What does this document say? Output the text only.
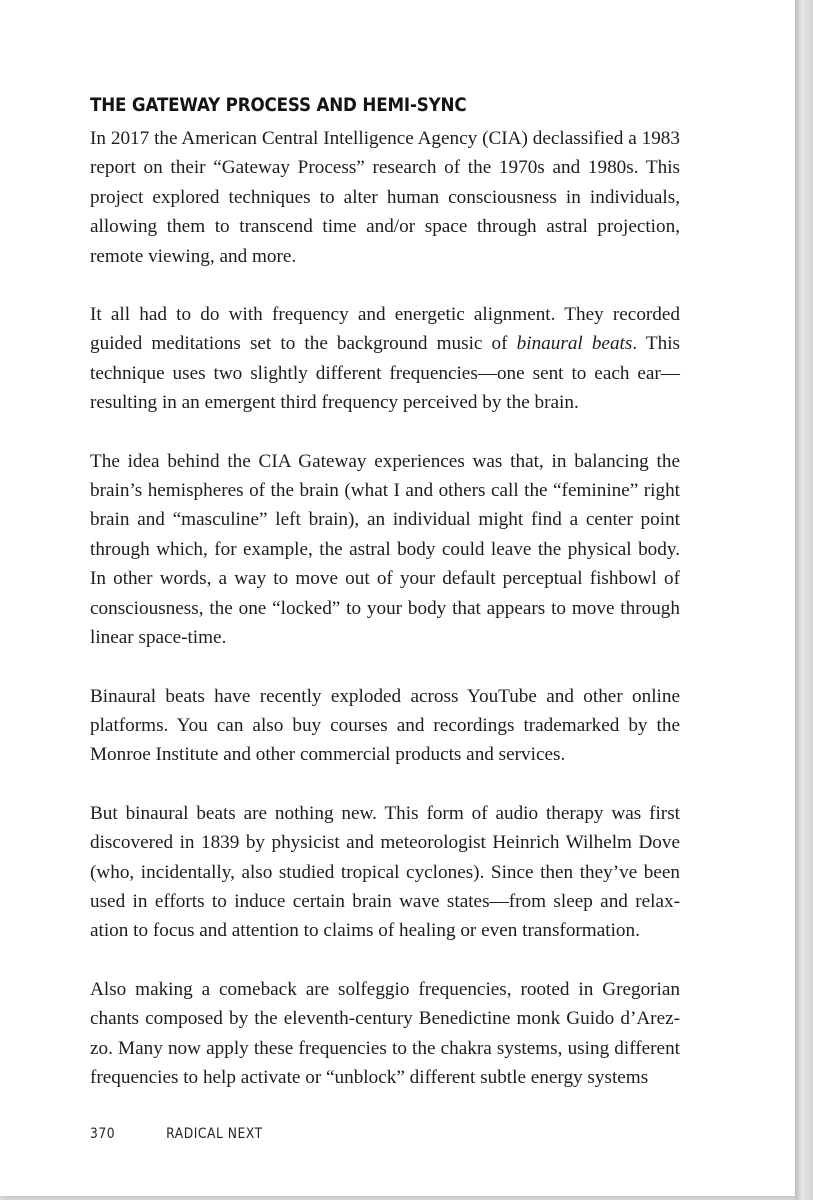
THE GATEWAY PROCESS AND HEMI-SYNC

In 2017 the American Central Intelligence Agency (CIA) declassified a 1983 report on their “Gateway Process” research of the 1970s and 1980s. This project explored techniques to alter human consciousness in individuals, allowing them to transcend time and/or space through astral projection, remote viewing, and more.

It all had to do with frequency and energetic alignment. They recorded guided meditations set to the background music of binaural beats. This technique uses two slightly different frequencies—one sent to each ear—resulting in an emergent third frequency perceived by the brain.

The idea behind the CIA Gateway experiences was that, in balancing the brain’s hemispheres of the brain (what I and others call the “feminine” right brain and “masculine” left brain), an individual might find a center point through which, for example, the astral body could leave the physical body. In other words, a way to move out of your default perceptual fishbowl of consciousness, the one “locked” to your body that appears to move through linear space-time.

Binaural beats have recently exploded across YouTube and other online platforms. You can also buy courses and recordings trademarked by the Monroe Institute and other commercial products and services.

But binaural beats are nothing new. This form of audio therapy was first discovered in 1839 by physicist and meteorologist Heinrich Wilhelm Dove (who, incidentally, also studied tropical cyclones). Since then they’ve been used in efforts to induce certain brain wave states—from sleep and relaxation to focus and attention to claims of healing or even transformation.

Also making a comeback are solfeggio frequencies, rooted in Gregorian chants composed by the eleventh-century Benedictine monk Guido d’Arezzo. Many now apply these frequencies to the chakra systems, using different frequencies to help activate or “unblock” different subtle energy systems

370	RADICAL NEXT
